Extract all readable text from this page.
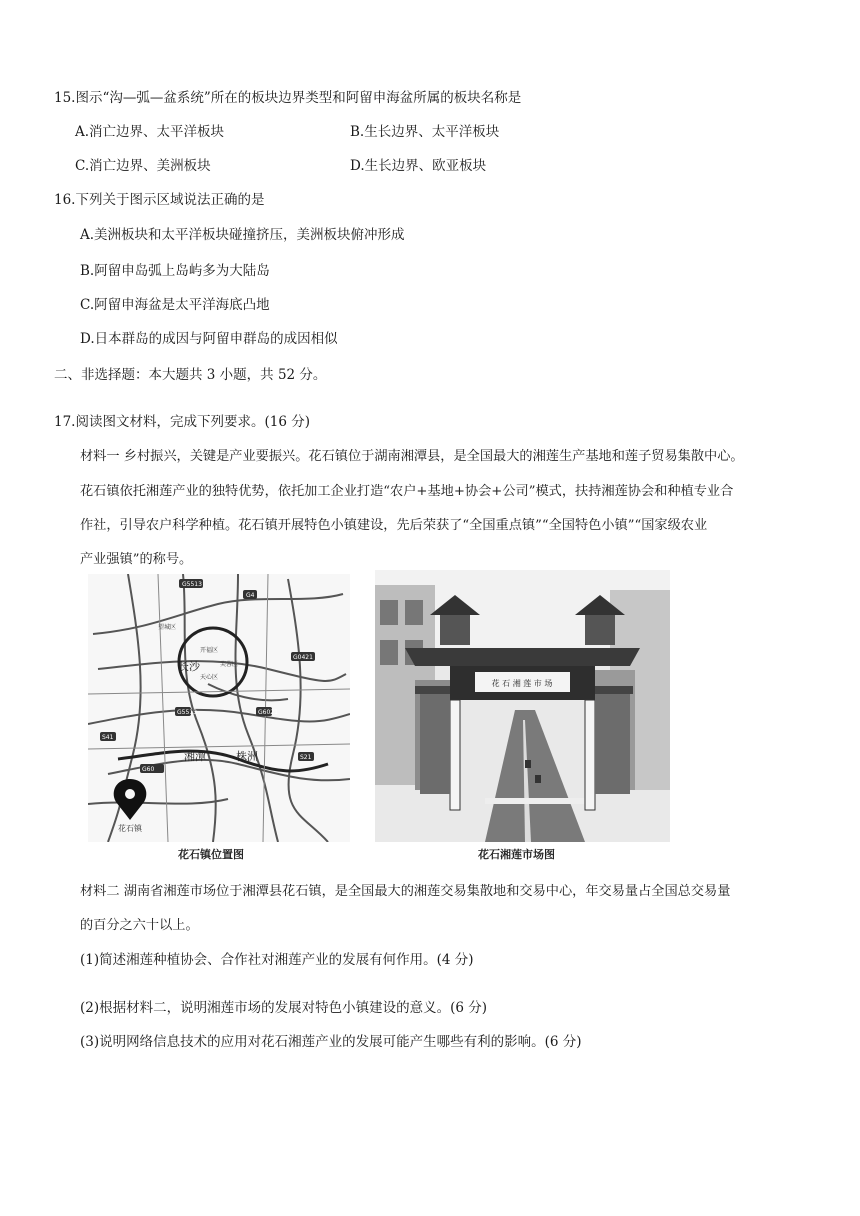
15.图示“沟—弧—盆系统”所在的板块边界类型和阿留申海盆所属的板块名称是
A.消亡边界、太平洋板块	B.生长边界、太平洋板块
C.消亡边界、美洲板块	D.生长边界、欧亚板块
16.下列关于图示区域说法正确的是
A.美洲板块和太平洋板块碰撞挤压，美洲板块俯冲形成
B.阿留申岛弧上岛屿多为大陆岛
C.阿留申海盆是太平洋海底凸地
D.日本群岛的成因与阿留申群岛的成因相似
二、非选择题：本大题共 3 小题，共 52 分。
17.阅读图文材料，完成下列要求。(16 分)
材料一 乡村振兴，关键是产业要振兴。花石镇位于湖南湘潭县，是全国最大的湘莲生产基地和莲子贸易集散中心。
花石镇依托湘莲产业的独特优势，依托加工企业打造“农户+基地+协会+公司”模式，扶持湘莲协会和种植专业合
作社，引导农户科学种植。花石镇开展特色小镇建设，先后荣获了“全国重点镇”“全国特色小镇”“国家级农业
产业强镇”的称号。
G5513
G4
G0421
G5513	G6021
S41
S21
G60
望城区
开福区
天心区
芙蓉区
长沙
湘潭	株洲
花石镇
花石镇位置图
花 石 湘 莲 市 场
花石湘莲市场图
材料二 湖南省湘莲市场位于湘潭县花石镇，是全国最大的湘莲交易集散地和交易中心，年交易量占全国总交易量
的百分之六十以上。
(1)简述湘莲种植协会、合作社对湘莲产业的发展有何作用。(4 分)
(2)根据材料二，说明湘莲市场的发展对特色小镇建设的意义。(6 分)
(3)说明网络信息技术的应用对花石湘莲产业的发展可能产生哪些有利的影响。(6 分)
